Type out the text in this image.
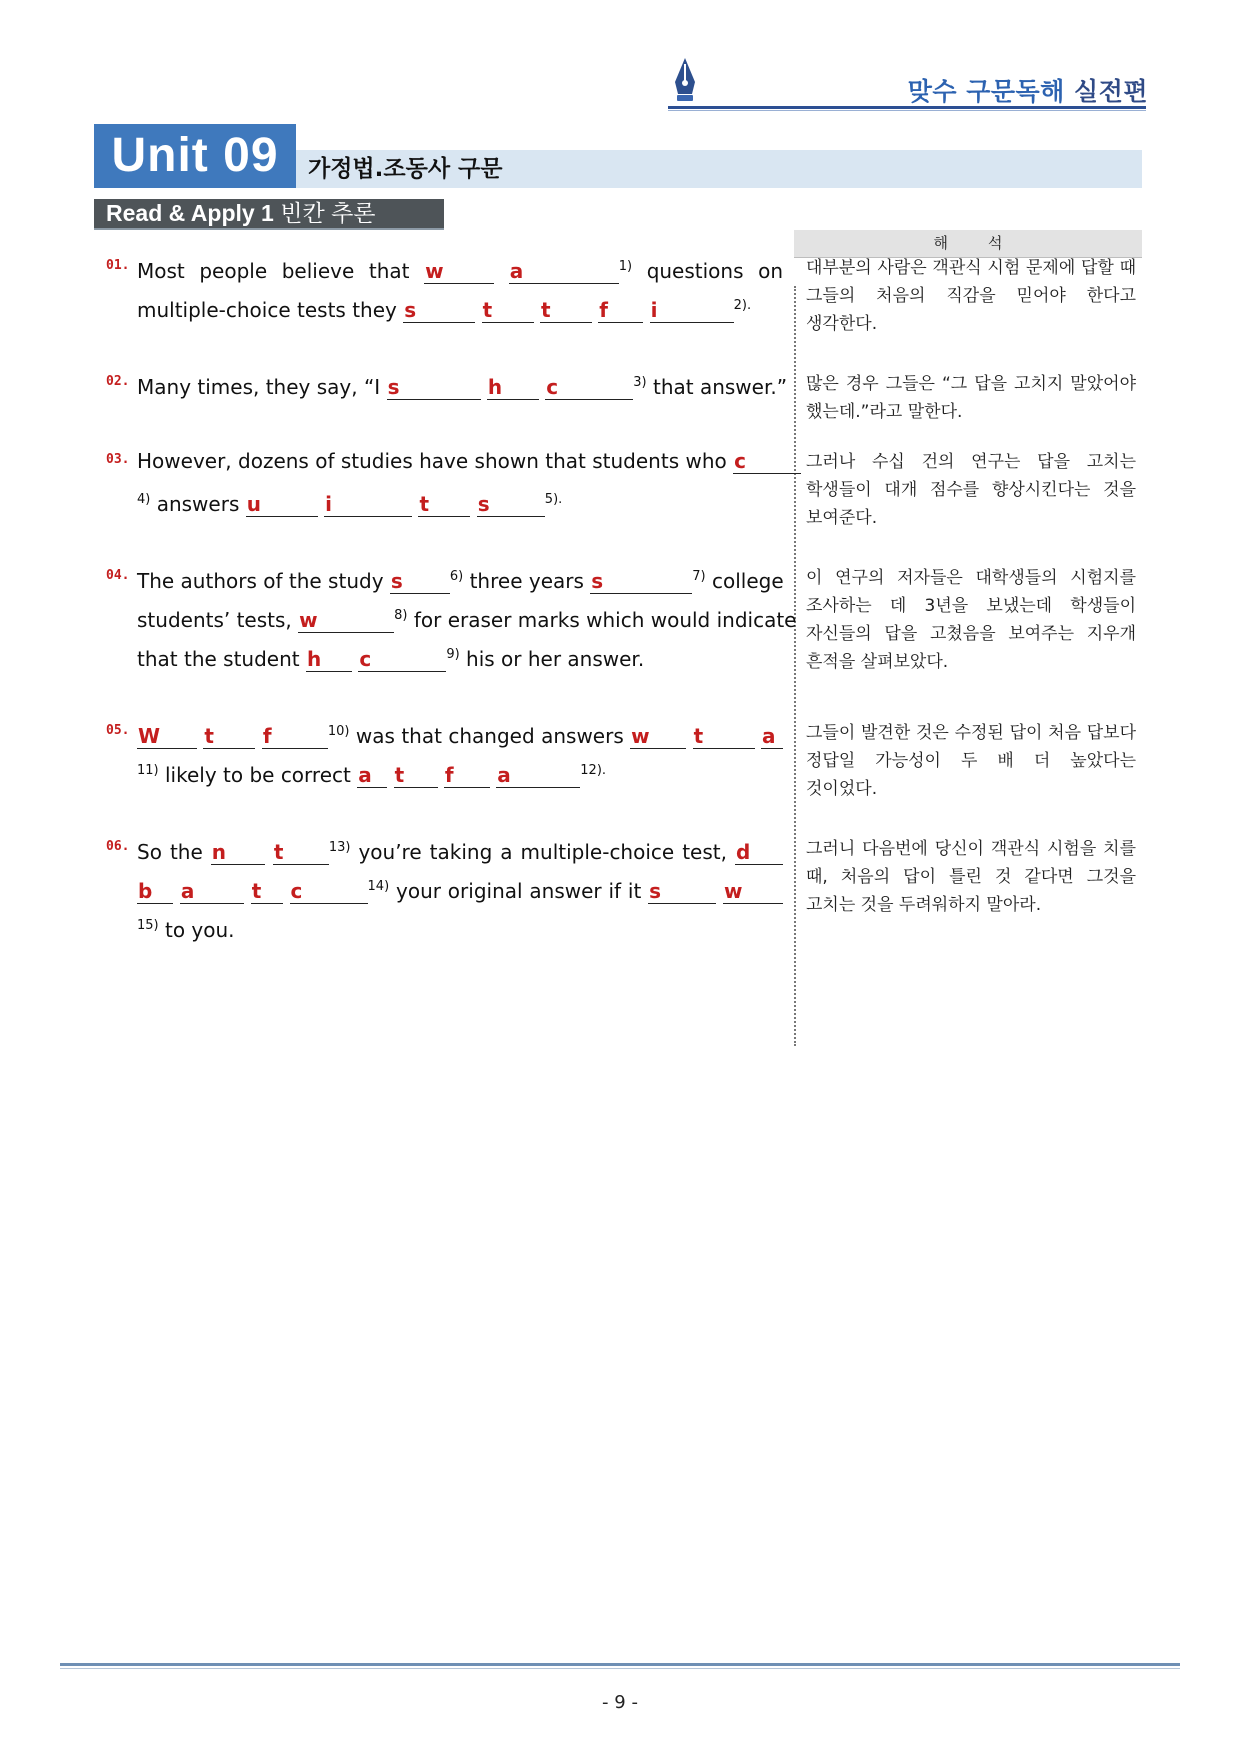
맞수 구문독해 실전편
Unit 09	가정법.조동사 구문
Read & Apply 1 빈칸 추론
해석
01. Most people believe that w	a	$^{1)}$ questions on
multiple-choice tests they s	t t f i	$^{2).}$
대부분의 사람은 객관식 시험 문제에 답할 때 그들의 처음의 직감을 믿어야 한다고 생각한다.
02. Many times, they say, “I s	h c	$^{3)}$ that answer.” 많은 경우 그들은 “그 답을 고치지 말았어야 했는데.”라고 말한다.
03. However, dozens of studies have shown that students who c
$^{4)}$ answers u	i	t s	$^{5).}$
그러나 수십 건의 연구는 답을 고치는 학생들이 대개 점수를 향상시킨다는 것을 보여준다.
04. The authors of the study s	$^{6)}$ three years s	$^{7)}$ college
students’ tests, w	$^{8)}$ for eraser marks which would indicate
that the student h c	$^{9)}$ his or her answer.
이 연구의 저자들은 대학생들의 시험지를 조사하는 데 3년을 보냈는데 학생들이 자신들의 답을 고쳤음을 보여주는 지우개 흔적을 살펴보았다.
05. W t f	$^{10)}$ was that changed answers w t	a
$^{11)}$ likely to be correct a t f a	$^{12).}$
그들이 발견한 것은 수정된 답이 처음 답보다 정답일 가능성이 두 배 더 높았다는 것이었다.
06. So the n t	$^{13)}$ you’re taking a multiple-choice test, d
b a	t c	$^{14)}$ your original answer if it s	w
$^{15)}$ to you.
그러니 다음번에 당신이 객관식 시험을 치를 때, 처음의 답이 틀린 것 같다면 그것을 고치는 것을 두려워하지 말아라.
- 9 -
